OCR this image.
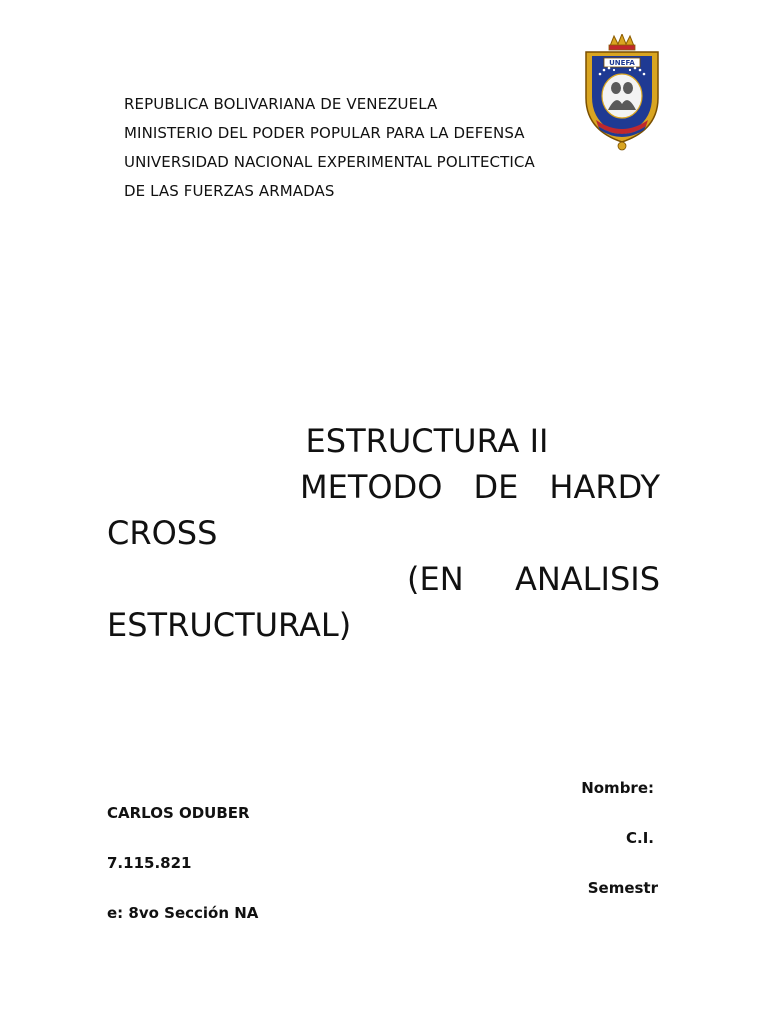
REPUBLICA BOLIVARIANA DE VENEZUELA
MINISTERIO DEL PODER POPULAR PARA LA DEFENSA
UNIVERSIDAD NACIONAL EXPERIMENTAL POLITECTICA
DE LAS FUERZAS ARMADAS
UNEFA
ESTRUCTURA II
METODO DE HARDY
CROSS
(EN ANALISIS
ESTRUCTURAL)
Nombre:
CARLOS ODUBER
C.I.
7.115.821
Semestr
e: 8vo Sección NA
